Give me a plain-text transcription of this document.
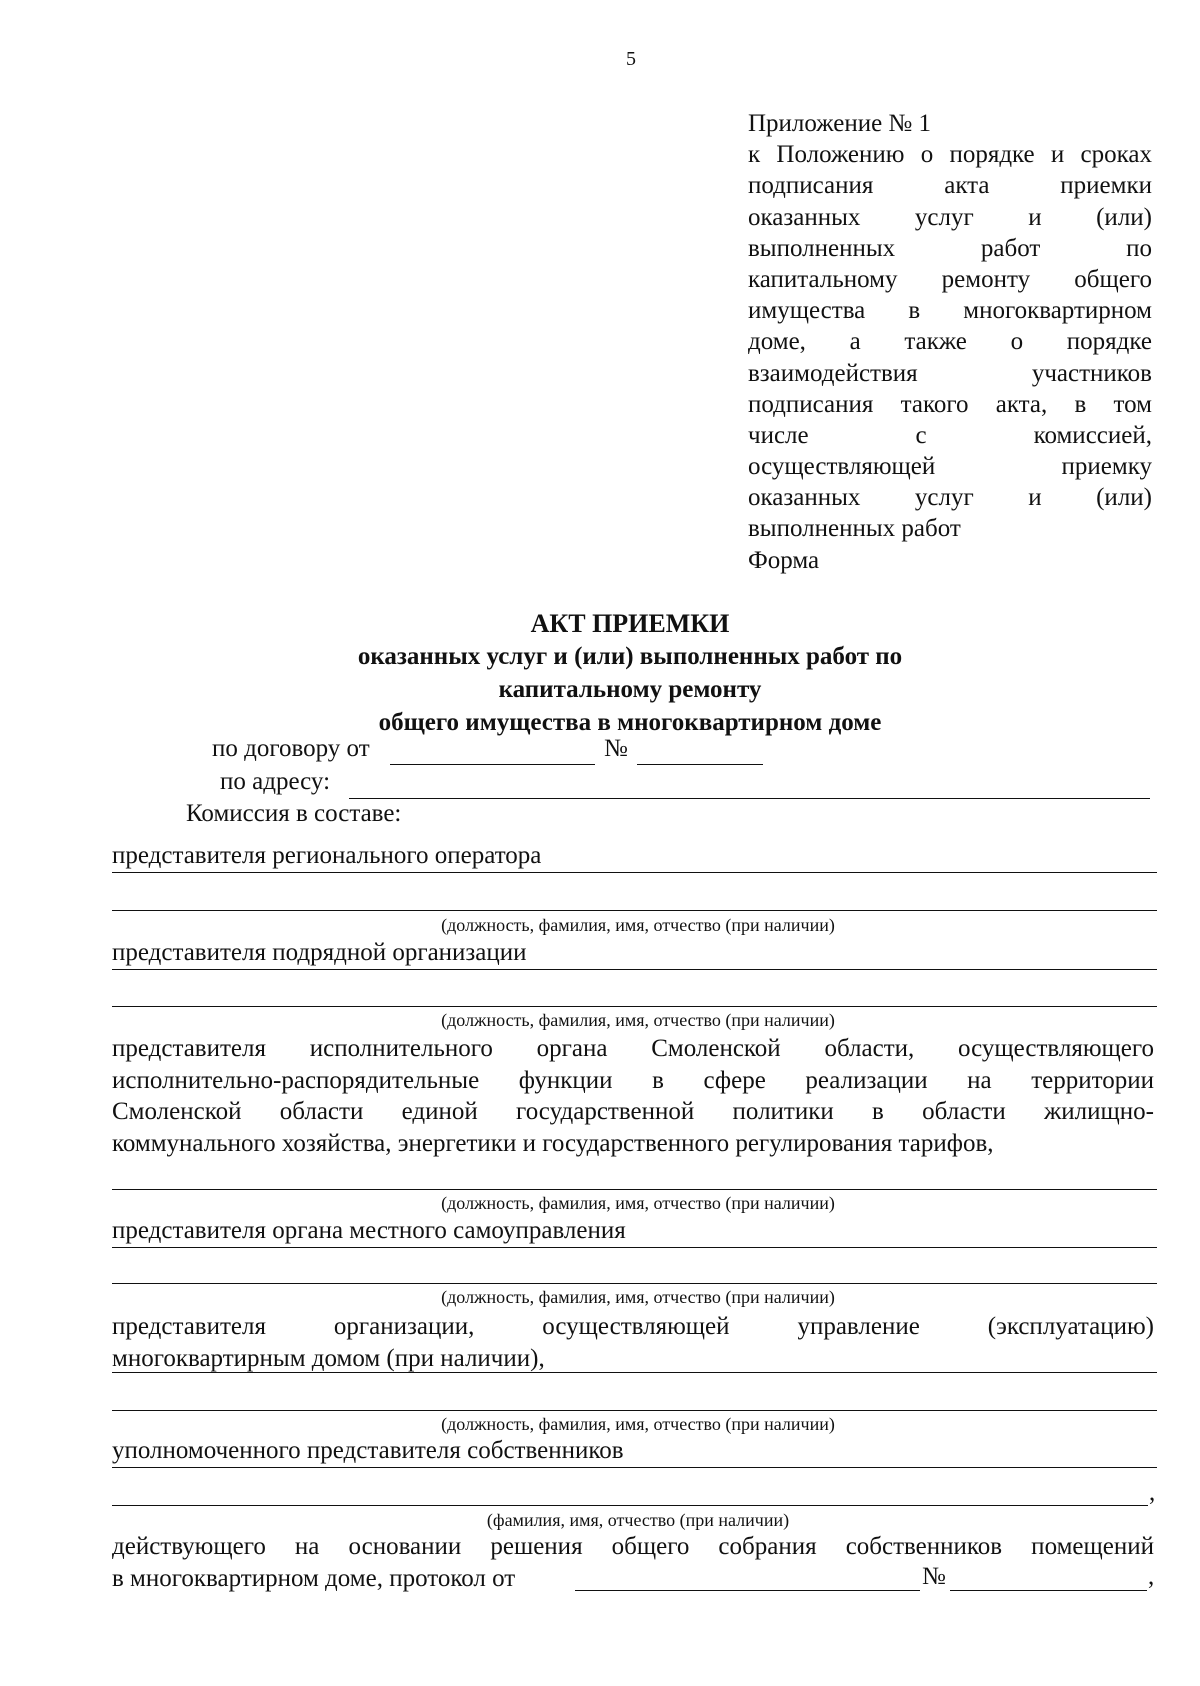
5
Приложение № 1
к Положению о порядке и сроках
подписания акта приемки
оказанных услуг и (или)
выполненных работ по
капитальному ремонту общего
имущества в многоквартирном
доме, а также о порядке
взаимодействия участников
подписания такого акта, в том
числе с комиссией,
осуществляющей приемку
оказанных услуг и (или)
выполненных работ
Форма
АКТ ПРИЕМКИ
оказанных услуг и (или) выполненных работ по
капитальному ремонту
общего имущества в многоквартирном доме
по договору от	№
по адресу:
Комиссия в составе:
представителя регионального оператора
(должность, фамилия, имя, отчество (при наличии)
представителя подрядной организации
(должность, фамилия, имя, отчество (при наличии)
представителя исполнительного органа Смоленской области, осуществляющего
исполнительно-распорядительные функции в сфере реализации на территории
Смоленской области единой государственной политики в области жилищно-
коммунального хозяйства, энергетики и государственного регулирования тарифов,
(должность, фамилия, имя, отчество (при наличии)
представителя органа местного самоуправления
(должность, фамилия, имя, отчество (при наличии)
представителя организации, осуществляющей управление (эксплуатацию)
многоквартирным домом (при наличии),
(должность, фамилия, имя, отчество (при наличии)
уполномоченного представителя собственников
,
(фамилия, имя, отчество (при наличии)
действующего на основании решения общего собрания собственников помещений
в многоквартирном доме, протокол от	№	,
